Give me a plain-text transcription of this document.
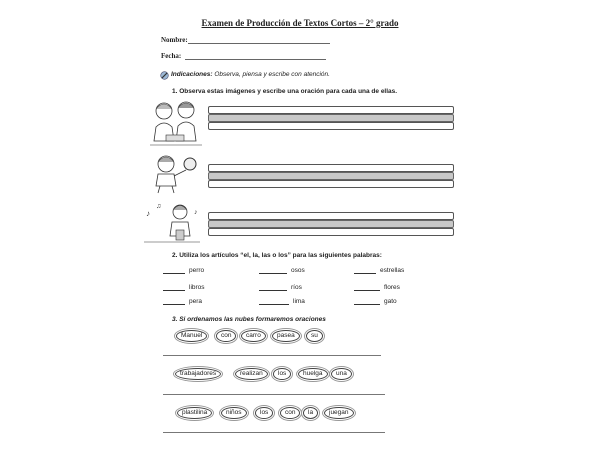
Examen de Producción de Textos Cortos – 2° grado
Nombre:
Fecha:
Indicaciones: Observa, piensa y escribe con atención.
1. Observa estas imágenes y escribe una oración para cada una de ellas.
♪
♫
♪
2. Utiliza los artículos “el, la, las o los” para las siguientes palabras:
perro	osos	estrellas
libros	ríos	flores
pera	lima	gato
3. Si ordenamos las nubes formaremos oraciones
Manuel	con	carro	pasea	su
trabajadores	realizan	los	huelga	una
plastilina	niños	los	con	la	juegan
